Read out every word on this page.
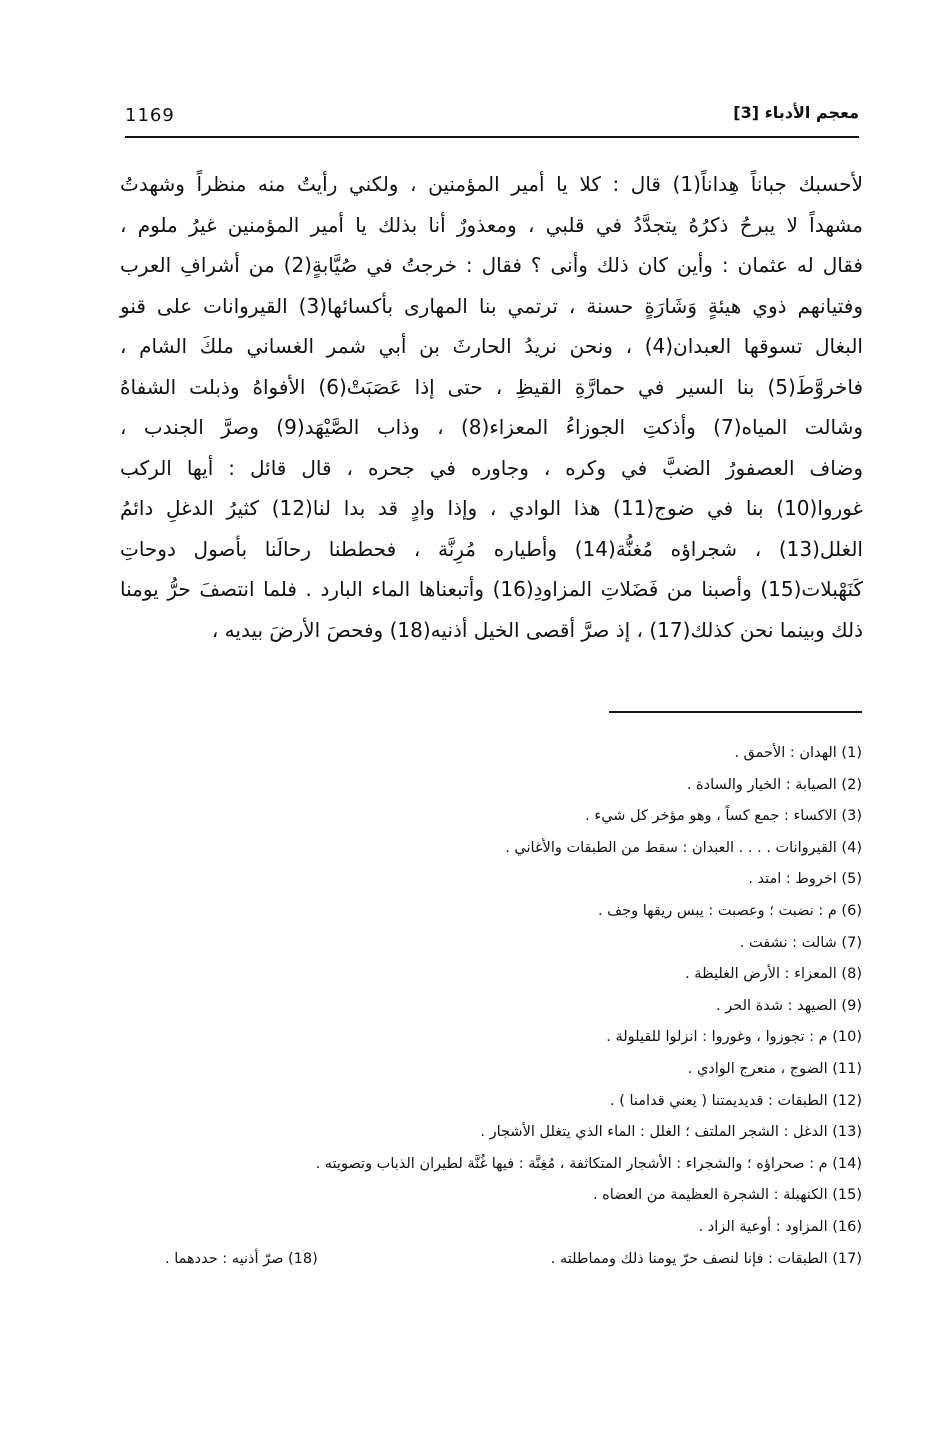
1169	معجم الأدباء [3]
لأحسبك جباناً هِداناً(1) قال : كلا يا أمير المؤمنين ، ولكني رأيتُ منه منظراً وشهدتُ
مشهداً لا يبرحُ ذكرُهُ يتجدَّدُ في قلبي ، ومعذورٌ أنا بذلك يا أمير المؤمنين غيرُ ملوم ،
فقال له عثمان : وأين كان ذلك وأنى ؟ فقال : خرجتُ في صُيَّابةٍ(2) من أشرافِ العرب
وفتيانهم ذوي هيئةٍ وَشَارَةٍ حسنة ، ترتمي بنا المهارى بأكسائها(3) القيروانات على قنو
البغال تسوقها العبدان(4) ، ونحن نريدُ الحارثَ بن أبي شمر الغساني ملكَ الشام ،
فاخروَّطَ(5) بنا السير في حمارَّةِ القيظِ ، حتى إذا عَصَبَتْ(6) الأفواهُ وذبلت الشفاهُ
وشالت المياه(7) وأذكتِ الجوزاءُ المعزاء(8) ، وذاب الصَّيْهَد(9) وصرَّ الجندب ،
وضاف العصفورُ الضبَّ في وكره ، وجاوره في جحره ، قال قائل : أيها الركب
غوروا(10) بنا في ضوج(11) هذا الوادي ، وإذا وادٍ قد بدا لنا(12) كثيرُ الدغلِ دائمُ
الغلل(13) ، شجراؤه مُغنُّة(14) وأطياره مُرِنَّة ، فحططنا رحالَنا بأصول دوحاتِ
كَنَهْبلات(15) وأصبنا من فَضَلاتِ المزاودِ(16) وأتبعناها الماء البارد . فلما انتصفَ حرُّ يومنا
ذلك وبينما نحن كذلك(17) ، إذ صرَّ أقصى الخيل أذنيه(18) وفحصَ الأرضَ بيديه ،
(1) الهدان : الأحمق .
(2) الصيابة : الخيار والسادة .
(3) الاكساء : جمع كساً ، وهو مؤخر كل شيء .
(4) القيروانات . . . . العبدان : سقط من الطبقات والأغاني .
(5) اخروط : امتد .
(6) م : نضبت ؛ وعصبت : يبس ريقها وجف .
(7) شالت : نشفت .
(8) المعزاء : الأرض الغليظة .
(9) الصيهد : شدة الحر .
(10) م : تجوزوا ، وغوروا : انزلوا للقيلولة .
(11) الضوج ، منعرج الوادي .
(12) الطبقات : قديديمتنا ( يعني قدامنا ) .
(13) الدغل : الشجر الملتف ؛ الغلل : الماء الذي يتغلل الأشجار .
(14) م : صحراؤه ؛ والشجراء : الأشجار المتكاثفة ، مُغِنَّة : فيها غُنَّة لطيران الذباب وتصويته .
(15) الكنهبلة : الشجرة العظيمة من العضاه .
(16) المزاود : أوعية الزاد .
(17) الطبقات : فإنا لنصف حرّ يومنا ذلك ومماطلته .
(18) صرّ أذنيه : حددهما .
